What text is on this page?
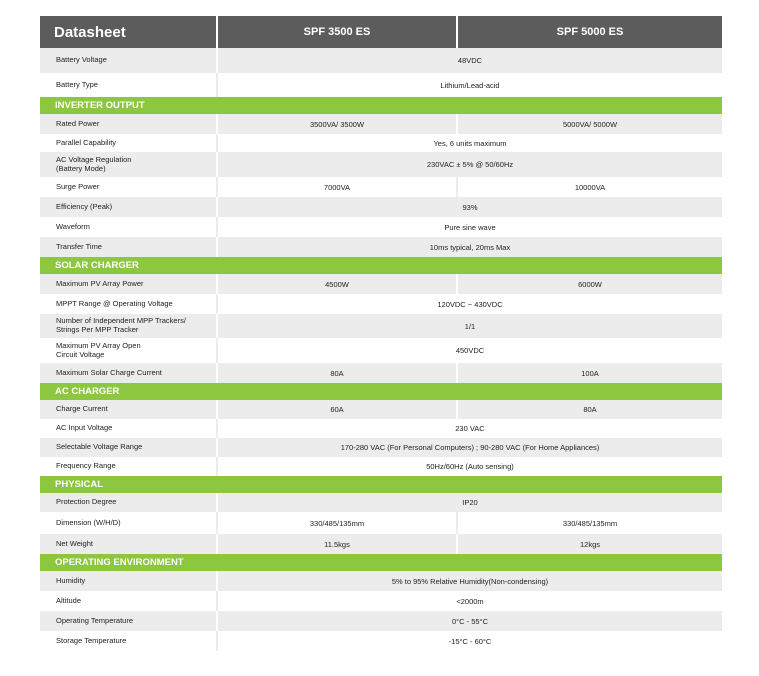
Datasheet	SPF 3500 ES	SPF 5000 ES
Battery Voltage	48VDC
Battery Type	Lithium/Lead-acid
INVERTER OUTPUT
Rated Power	3500VA/ 3500W	5000VA/ 5000W
Parallel Capability	Yes, 6 units maximum
AC Voltage Regulation
(Battery Mode)	230VAC ± 5% @ 50/60Hz
Surge Power	7000VA	10000VA
Efficiency (Peak)	93%
Waveform	Pure sine wave
Transfer Time	10ms typical, 20ms Max
SOLAR CHARGER
Maximum PV Array Power	4500W	6000W
MPPT Range @ Operating Voltage	120VDC ~ 430VDC
Number of Independent MPP Trackers/
Strings Per MPP Tracker	1/1
Maximum PV Array Open
Circuit Voltage	450VDC
Maximum Solar Charge Current	80A	100A
AC CHARGER
Charge Current	60A	80A
AC Input Voltage	230 VAC
Selectable Voltage Range	170-280 VAC (For Personal Computers) ; 90-280 VAC (For Home Appliances)
Frequency Range	50Hz/60Hz (Auto sensing)
PHYSICAL
Protection Degree	IP20
Dimension (W/H/D)	330/485/135mm	330/485/135mm
Net Weight	11.5kgs	12kgs
OPERATING ENVIRONMENT
Humidity	5% to 95% Relative Humidity(Non-condensing)
Altitude	<2000m
Operating Temperature	0°C - 55°C
Storage Temperature	-15°C - 60°C
